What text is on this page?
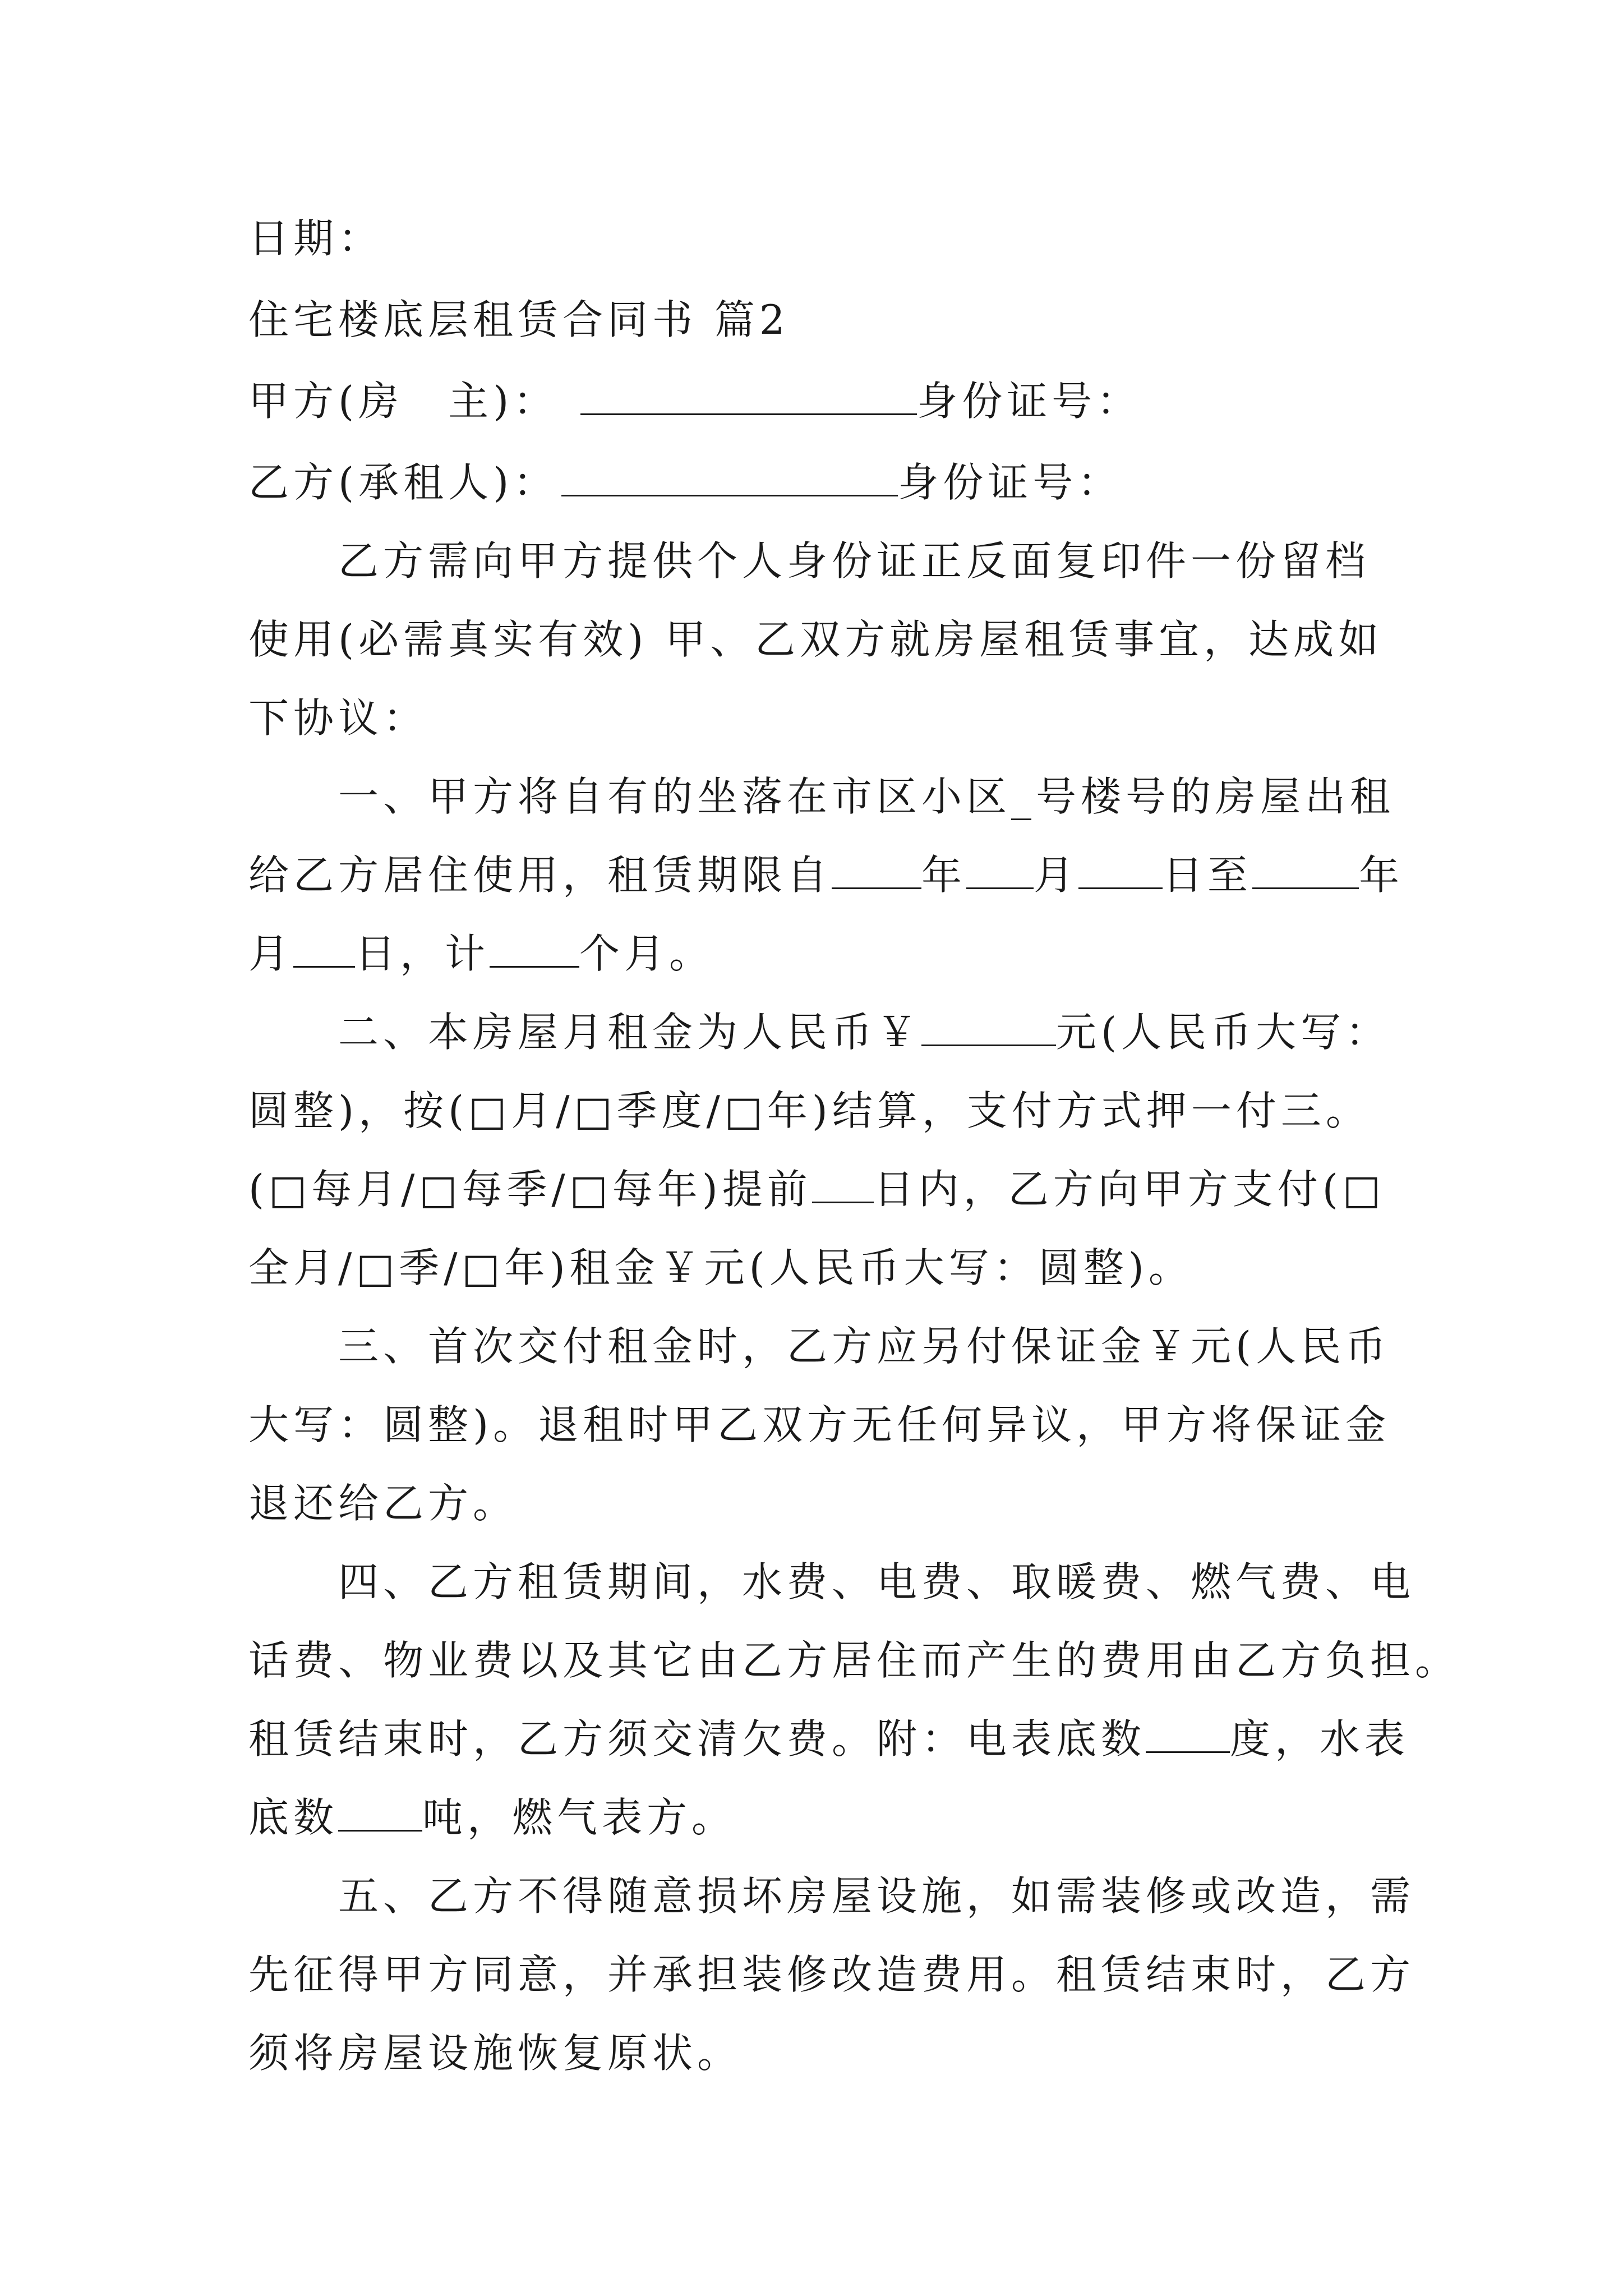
日期：
住宅楼底层租赁合同书 篇2
甲方(房　主)：	身份证号：
乙方(承租人)：	身份证号：
乙方需向甲方提供个人身份证正反面复印件一份留档
使用(必需真实有效) 甲、乙双方就房屋租赁事宜，达成如
下协议：
一、甲方将自有的坐落在市区小区_号楼号的房屋出租
给乙方居住使用，租赁期限自 年 月 日至	年
月 日，计 个月。
二、本房屋月租金为人民币￥	元(人民币大写：
圆整)，按(□月/□季度/□年)结算，支付方式押一付三。
(□每月/□每季/□每年)提前 日内，乙方向甲方支付(□
全月/□季/□年)租金￥元(人民币大写：圆整)。
三、首次交付租金时，乙方应另付保证金￥元(人民币
大写：圆整)。退租时甲乙双方无任何异议，甲方将保证金
退还给乙方。
四、乙方租赁期间，水费、电费、取暖费、燃气费、电
话费、物业费以及其它由乙方居住而产生的费用由乙方负担。
租赁结束时，乙方须交清欠费。附：电表底数 度，水表
底数 吨，燃气表方。
五、乙方不得随意损坏房屋设施，如需装修或改造，需
先征得甲方同意，并承担装修改造费用。租赁结束时，乙方
须将房屋设施恢复原状。
